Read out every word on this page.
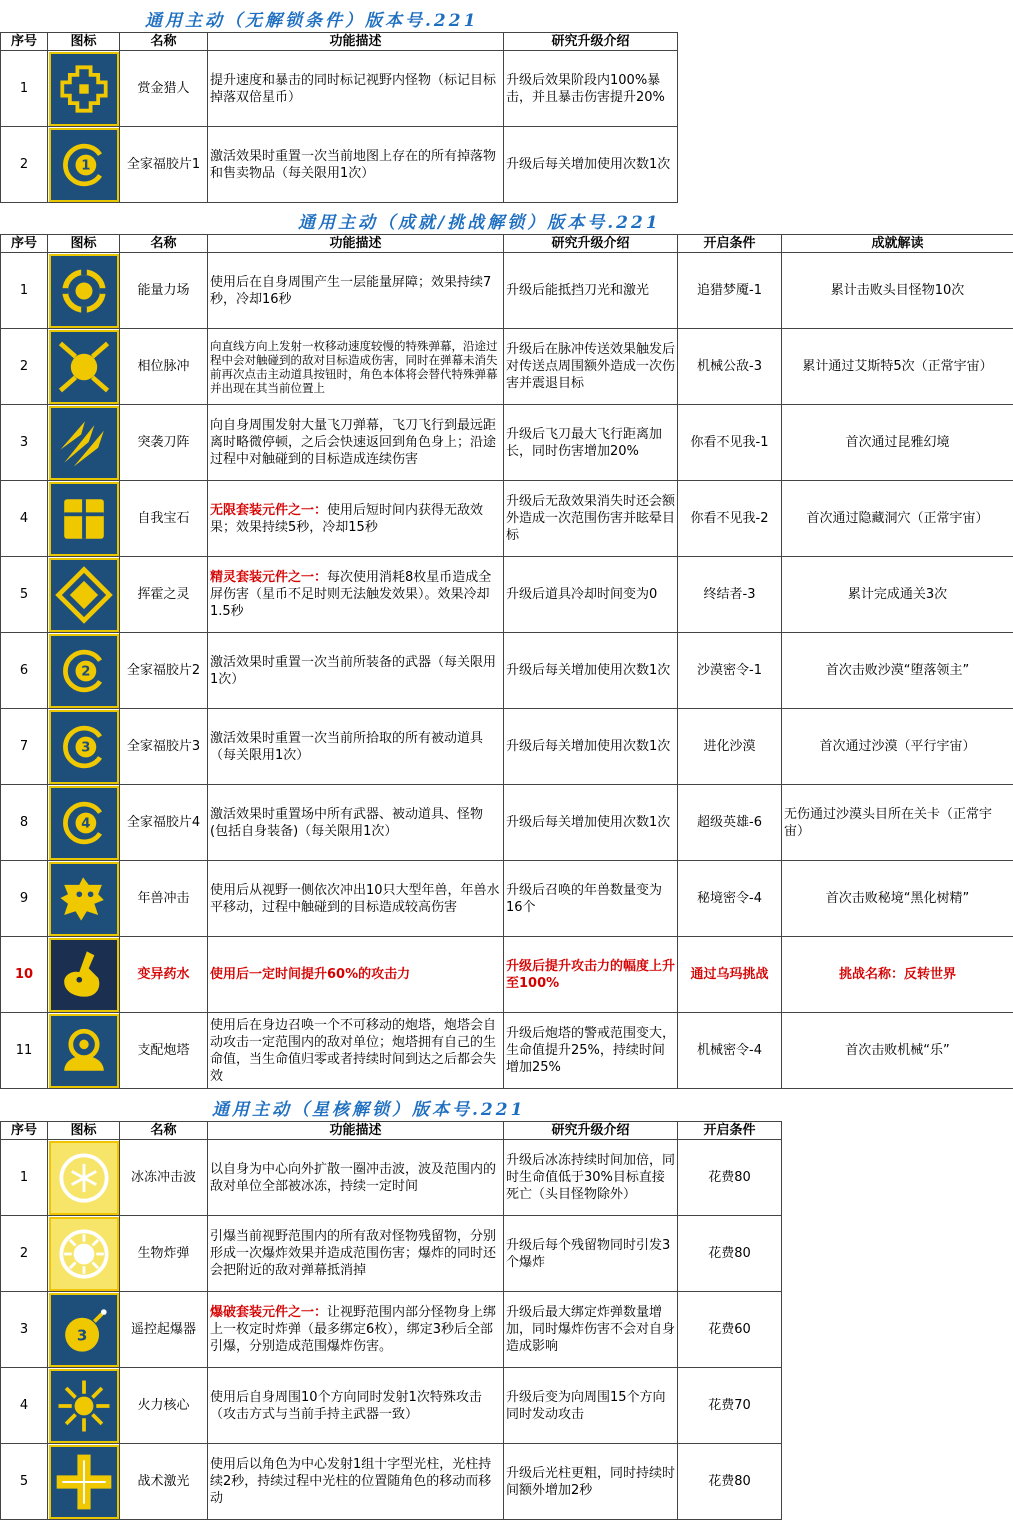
通用主动（无解锁条件）版本号.221
序号	图标	名称	功能描述	研究升级介绍
1		赏金猎人	提升速度和暴击的同时标记视野内怪物（标记目标掉落双倍星币）	升级后效果阶段内100%暴击，并且暴击伤害提升20%
2	1	全家福胶片1	激活效果时重置一次当前地图上存在的所有掉落物和售卖物品（每关限用1次）	升级后每关增加使用次数1次
通用主动（成就/挑战解锁）版本号.221
序号	图标	名称	功能描述	研究升级介绍	开启条件	成就解读
1		能量力场	使用后在自身周围产生一层能量屏障；效果持续7秒，冷却16秒	升级后能抵挡刀光和激光	追猎梦魇-1	累计击败头目怪物10次
2		相位脉冲	向直线方向上发射一枚移动速度较慢的特殊弹幕，沿途过程中会对触碰到的敌对目标造成伤害，同时在弹幕未消失前再次点击主动道具按钮时，角色本体将会替代特殊弹幕并出现在其当前位置上	升级后在脉冲传送效果触发后对传送点周围额外造成一次伤害并震退目标	机械公敌-3	累计通过艾斯特5次（正常宇宙）
3		突袭刀阵	向自身周围发射大量飞刀弹幕，飞刀飞行到最远距离时略微停顿，之后会快速返回到角色身上；沿途过程中对触碰到的目标造成连续伤害	升级后飞刀最大飞行距离加长，同时伤害增加20%	你看不见我-1	首次通过昆雅幻境
4		自我宝石	无限套装元件之一：使用后短时间内获得无敌效果；效果持续5秒，冷却15秒	升级后无敌效果消失时还会额外造成一次范围伤害并眩晕目标	你看不见我-2	首次通过隐藏洞穴（正常宇宙）
5		挥霍之灵	精灵套装元件之一：每次使用消耗8枚星币造成全屏伤害（星币不足时则无法触发效果）。效果冷却1.5秒	升级后道具冷却时间变为0	终结者-3	累计完成通关3次
6	2	全家福胶片2	激活效果时重置一次当前所装备的武器（每关限用1次）	升级后每关增加使用次数1次	沙漠密令-1	首次击败沙漠“堕落领主”
7	3	全家福胶片3	激活效果时重置一次当前所拾取的所有被动道具（每关限用1次）	升级后每关增加使用次数1次	进化沙漠	首次通过沙漠（平行宇宙）
8	4	全家福胶片4	激活效果时重置场中所有武器、被动道具、怪物(包括自身装备)（每关限用1次）	升级后每关增加使用次数1次	超级英雄-6	无伤通过沙漠头目所在关卡（正常宇宙）
9		年兽冲击	使用后从视野一侧依次冲出10只大型年兽，年兽水平移动，过程中触碰到的目标造成较高伤害	升级后召唤的年兽数量变为16个	秘境密令-4	首次击败秘境“黑化树精”
10		变异药水	使用后一定时间提升60%的攻击力	升级后提升攻击力的幅度上升至100%	通过乌玛挑战	挑战名称：反转世界
11		支配炮塔	使用后在身边召唤一个不可移动的炮塔，炮塔会自动攻击一定范围内的敌对单位；炮塔拥有自己的生命值，当生命值归零或者持续时间到达之后都会失效	升级后炮塔的警戒范围变大，生命值提升25%，持续时间增加25%	机械密令-4	首次击败机械“乐”
通用主动（星核解锁）版本号.221
序号	图标	名称	功能描述	研究升级介绍	开启条件
1		冰冻冲击波	以自身为中心向外扩散一圈冲击波，波及范围内的敌对单位全部被冰冻，持续一定时间	升级后冰冻持续时间加倍，同时生命值低于30%目标直接死亡（头目怪物除外）	花费80
2		生物炸弹	引爆当前视野范围内的所有敌对怪物残留物，分别形成一次爆炸效果并造成范围伤害；爆炸的同时还会把附近的敌对弹幕抵消掉	升级后每个残留物同时引发3个爆炸	花费80
3	3	遥控起爆器	爆破套装元件之一：让视野范围内部分怪物身上绑上一枚定时炸弹（最多绑定6枚），绑定3秒后全部引爆，分别造成范围爆炸伤害。	升级后最大绑定炸弹数量增加，同时爆炸伤害不会对自身造成影响	花费60
4		火力核心	使用后自身周围10个方向同时发射1次特殊攻击（攻击方式与当前手持主武器一致）	升级后变为向周围15个方向同时发动攻击	花费70
5		战术激光	使用后以角色为中心发射1组十字型光柱，光柱持续2秒，持续过程中光柱的位置随角色的移动而移动	升级后光柱更粗，同时持续时间额外增加2秒	花费80
